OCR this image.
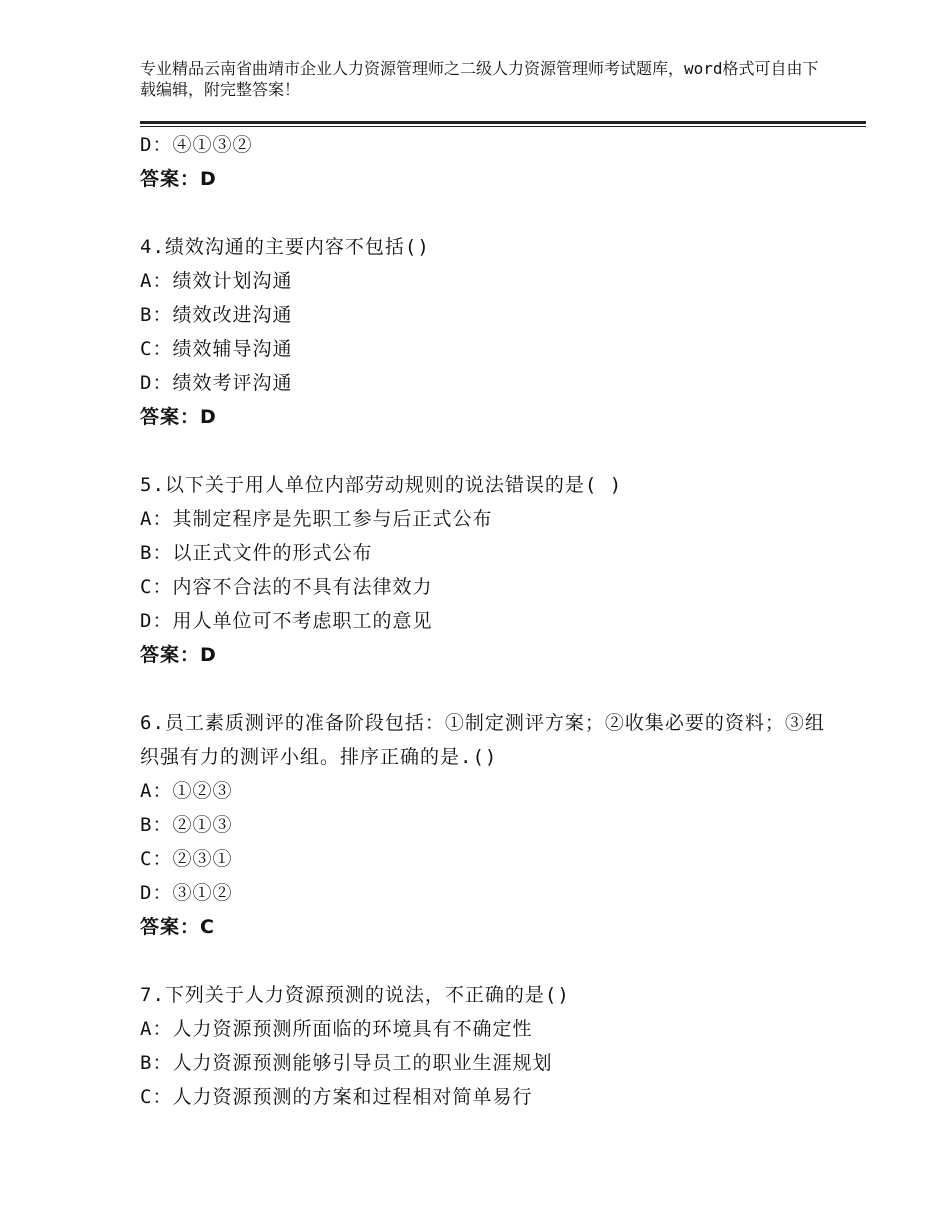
专业精品云南省曲靖市企业人力资源管理师之二级人力资源管理师考试题库，word格式可自由下载编辑，附完整答案！
D：④①③②
答案：D
4.绩效沟通的主要内容不包括()
A：绩效计划沟通
B：绩效改进沟通
C：绩效辅导沟通
D：绩效考评沟通
答案：D
5.以下关于用人单位内部劳动规则的说法错误的是( )
A：其制定程序是先职工参与后正式公布
B：以正式文件的形式公布
C：内容不合法的不具有法律效力
D：用人单位可不考虑职工的意见
答案：D
6.员工素质测评的准备阶段包括：①制定测评方案；②收集必要的资料；③组织强有力的测评小组。排序正确的是.()
A：①②③
B：②①③
C：②③①
D：③①②
答案：C
7.下列关于人力资源预测的说法，不正确的是()
A：人力资源预测所面临的环境具有不确定性
B：人力资源预测能够引导员工的职业生涯规划
C：人力资源预测的方案和过程相对简单易行
